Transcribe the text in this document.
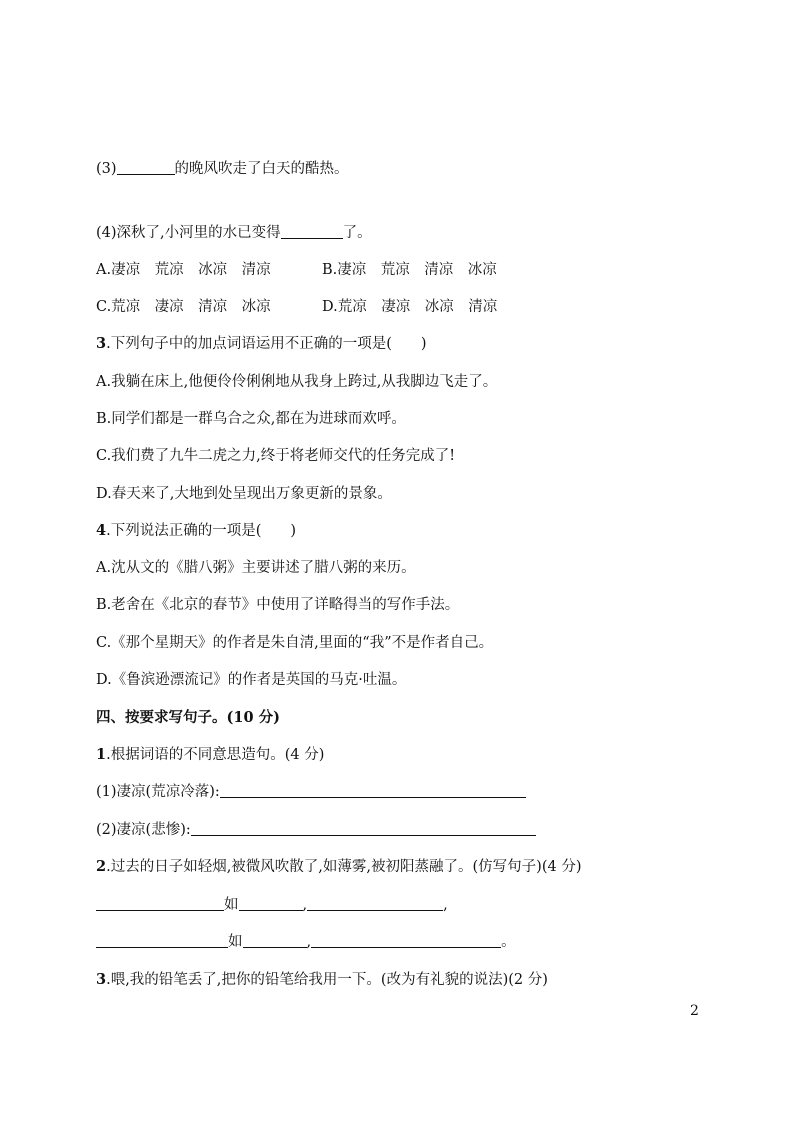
(3)	的晚风吹走了白天的酷热。
(4)深秋了,小河里的水已变得	了。
A.凄凉　荒凉　冰凉　清凉	B.凄凉　荒凉　清凉　冰凉
C.荒凉　凄凉　清凉　冰凉	D.荒凉　凄凉　冰凉　清凉
3.下列句子中的加点词语运用不正确的一项是(　　)
A.我躺在床上,他便伶伶俐俐地从我身上跨过,从我脚边飞走了。
B.同学们都是一群乌合之众,都在为进球而欢呼。
C.我们费了九牛二虎之力,终于将老师交代的任务完成了!
D.春天来了,大地到处呈现出万象更新的景象。
4.下列说法正确的一项是(　　)
A.沈从文的《腊八粥》主要讲述了腊八粥的来历。
B.老舍在《北京的春节》中使用了详略得当的写作手法。
C.《那个星期天》的作者是朱自清,里面的“我”不是作者自己。
D.《鲁滨逊漂流记》的作者是英国的马克·吐温。
四、按要求写句子。(10 分)
1.根据词语的不同意思造句。(4 分)
(1)凄凉(荒凉冷落):
(2)凄凉(悲惨):
2.过去的日子如轻烟,被微风吹散了,如薄雾,被初阳蒸融了。(仿写句子)(4 分)
如	,	,
如	,	。
3.喂,我的铅笔丢了,把你的铅笔给我用一下。(改为有礼貌的说法)(2 分)
2
